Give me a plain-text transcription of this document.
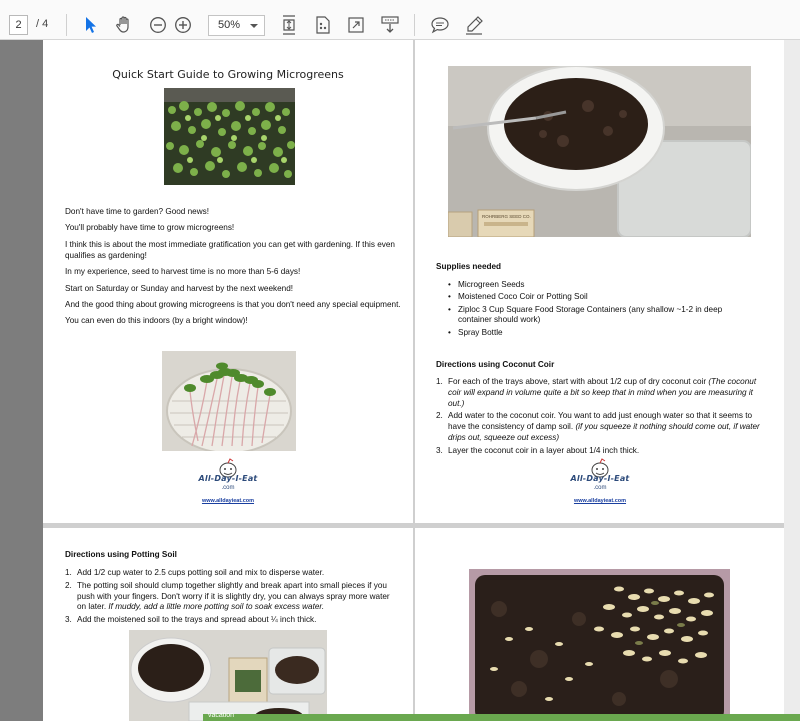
2	/ 4	50%
Quick Start Guide to Growing Microgreens

Don't have time to garden? Good news!

You'll probably have time to grow microgreens!

I think this is about the most immediate gratification you can get with gardening. If this even qualifies as gardening!

In my experience, seed to harvest time is no more than 5-6 days!

Start on Saturday or Sunday and harvest by the next weekend!

And the good thing about growing microgreens is that you don't need any special equipment.

You can even do this indoors (by a bright window)!

All-Day-I-Eat
.com
www.alldayieat.com
ROHRBERG SEED CO.
Supplies needed
• Microgreen Seeds
• Moistened Coco Coir or Potting Soil
• Ziploc 3 Cup Square Food Storage Containers (any shallow ~1-2 in deep container should work)
• Spray Bottle
Directions using Coconut Coir
1. For each of the trays above, start with about 1/2 cup of dry coconut coir (The coconut coir will expand in volume quite a bit so keep that in mind when you are measuring it out.)
2. Add water to the coconut coir. You want to add just enough water so that it seems to have the consistency of damp soil. (if you squeeze it nothing should come out, if water drips out, squeeze out excess)
3. Layer the coconut coir in a layer about 1/4 inch thick.
All-Day-I-Eat
.com
www.alldayieat.com
Directions using Potting Soil
1. Add 1/2 cup water to 2.5 cups potting soil and mix to disperse water.
2. The potting soil should clump together slightly and break apart into small pieces if you push with your fingers. Don't worry if it is slightly dry, you can always spray more water on later. If muddy, add a little more potting soil to soak excess water.
3. Add the moistened soil to the trays and spread about ¼ inch thick.
vacation
